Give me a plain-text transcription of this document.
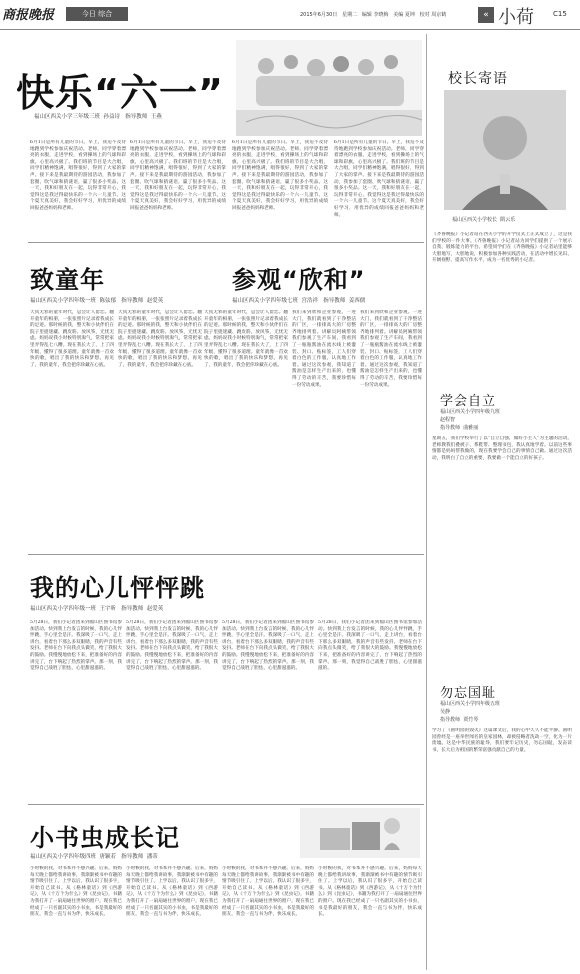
商报晚报	今日 综合	2015年6月30日 星期二 编辑 李晓梅 美编 夏坤 校对 周京鹤	« 小荷	C15
快乐“六一”
福山区西关小学三年级三班 孙益诗 指导教师 王燕
6月1日是所有儿童的节日。早上，我迫不及待地跑到学校参加庆祝活动。老师，同学穿着漂亮的衣服，走进学校，看到操场上的气球和彩旗，心里高兴极了。我们班的节目是大合唱，同学们精神饱满，唱得很好，得到了大家的掌声。接下来是我最期待的游园活动，我参加了套圈、吹气球和猜谜语，赢了很多小奖品。这一天，我和好朋友在一起，玩得非常开心，我觉得这是我过得最快乐的一个六一儿童节。这个夏天真美好，我会好好学习，用优异的成绩回报爸爸妈妈和老师。
6月1日是所有儿童的节日。早上，我迫不及待地跑到学校参加庆祝活动。老师，同学穿着漂亮的衣服，走进学校，看到操场上的气球和彩旗，心里高兴极了。我们班的节目是大合唱，同学们精神饱满，唱得很好，得到了大家的掌声。接下来是我最期待的游园活动，我参加了套圈、吹气球和猜谜语，赢了很多小奖品。这一天，我和好朋友在一起，玩得非常开心，我觉得这是我过得最快乐的一个六一儿童节。这个夏天真美好，我会好好学习，用优异的成绩回报爸爸妈妈和老师。
6月1日是所有儿童的节日。早上，我迫不及待地跑到学校参加庆祝活动。老师，同学穿着漂亮的衣服，走进学校，看到操场上的气球和彩旗，心里高兴极了。我们班的节目是大合唱，同学们精神饱满，唱得很好，得到了大家的掌声。接下来是我最期待的游园活动，我参加了套圈、吹气球和猜谜语，赢了很多小奖品。这一天，我和好朋友在一起，玩得非常开心，我觉得这是我过得最快乐的一个六一儿童节。这个夏天真美好，我会好好学习，用优异的成绩回报爸爸妈妈和老师。
6月1日是所有儿童的节日。早上，我迫不及待地跑到学校参加庆祝活动。老师，同学穿着漂亮的衣服，走进学校，看到操场上的气球和彩旗，心里高兴极了。我们班的节目是大合唱，同学们精神饱满，唱得很好，得到了大家的掌声。接下来是我最期待的游园活动，我参加了套圈、吹气球和猜谜语，赢了很多小奖品。这一天，我和好朋友在一起，玩得非常开心，我觉得这是我过得最快乐的一个六一儿童节。这个夏天真美好，我会好好学习，用优异的成绩回报爸爸妈妈和老师。
致童年
福山区西关小学四年级一班 陈弦郁 指导教师 赵爱英
天真无邪的童年时代，总会让人留恋。翻开童年的相册，一张张照片记录着我成长的足迹。那时候的我，整天和小伙伴们在院子里捉迷藏、跳皮筋、放风筝，无忧无虑。妈妈说我小时候特别淘气，常常把家里弄得乱七八糟。现在我长大了，上了四年级，懂得了很多道理。童年就像一首欢快的歌，唱出了我的快乐和梦想。再见了，我的童年，我会把你珍藏在心底。
天真无邪的童年时代，总会让人留恋。翻开童年的相册，一张张照片记录着我成长的足迹。那时候的我，整天和小伙伴们在院子里捉迷藏、跳皮筋、放风筝，无忧无虑。妈妈说我小时候特别淘气，常常把家里弄得乱七八糟。现在我长大了，上了四年级，懂得了很多道理。童年就像一首欢快的歌，唱出了我的快乐和梦想。再见了，我的童年，我会把你珍藏在心底。
天真无邪的童年时代，总会让人留恋。翻开童年的相册，一张张照片记录着我成长的足迹。那时候的我，整天和小伙伴们在院子里捉迷藏、跳皮筋、放风筝，无忧无虑。妈妈说我小时候特别淘气，常常把家里弄得乱七八糟。现在我长大了，上了四年级，懂得了很多道理。童年就像一首欢快的歌，唱出了我的快乐和梦想。再见了，我的童年，我会把你珍藏在心底。
参观“欣和”
福山区西关小学四年级七班 宫浩祥 指导教师 姜西儒
我们来到欣和企业参观。一进大门，我们就看到了干净整洁的厂区，一排排高大的厂房整齐地排列着。讲解员阿姨带领我们参观了生产车间，我看到了一瓶瓶酱油在流水线上被灌装、封口、贴标签，工人们穿着白色的工作服，认真地工作着。通过这次参观，我知道了酱油是怎样生产出来的，也懂得了劳动的辛苦，我要珍惜每一份劳动成果。
我们来到欣和企业参观。一进大门，我们就看到了干净整洁的厂区，一排排高大的厂房整齐地排列着。讲解员阿姨带领我们参观了生产车间，我看到了一瓶瓶酱油在流水线上被灌装、封口、贴标签，工人们穿着白色的工作服，认真地工作着。通过这次参观，我知道了酱油是怎样生产出来的，也懂得了劳动的辛苦，我要珍惜每一份劳动成果。
我的心儿怦怦跳
福山区西关小学四年级一班 王宇昕 指导教师 赵爱英
5月28日，我们小记者团来到福山区图书馆参加活动。快到我上台发言的时候，我的心儿怦怦跳，手心里全是汗。我深吸了一口气，走上讲台，看着台下那么多双眼睛，我的声音有些发抖。老师在台下向我点头微笑，给了我很大的鼓励。我慢慢地放松下来，把准备好的内容讲完了，台下响起了热烈的掌声。那一刻，我觉得自己战胜了胆怯，心里甜滋滋的。
5月28日，我们小记者团来到福山区图书馆参加活动。快到我上台发言的时候，我的心儿怦怦跳，手心里全是汗。我深吸了一口气，走上讲台，看着台下那么多双眼睛，我的声音有些发抖。老师在台下向我点头微笑，给了我很大的鼓励。我慢慢地放松下来，把准备好的内容讲完了，台下响起了热烈的掌声。那一刻，我觉得自己战胜了胆怯，心里甜滋滋的。
5月28日，我们小记者团来到福山区图书馆参加活动。快到我上台发言的时候，我的心儿怦怦跳，手心里全是汗。我深吸了一口气，走上讲台，看着台下那么多双眼睛，我的声音有些发抖。老师在台下向我点头微笑，给了我很大的鼓励。我慢慢地放松下来，把准备好的内容讲完了，台下响起了热烈的掌声。那一刻，我觉得自己战胜了胆怯，心里甜滋滋的。
5月28日，我们小记者团来到福山区图书馆参加活动。快到我上台发言的时候，我的心儿怦怦跳，手心里全是汗。我深吸了一口气，走上讲台，看着台下那么多双眼睛，我的声音有些发抖。老师在台下向我点头微笑，给了我很大的鼓励。我慢慢地放松下来，把准备好的内容讲完了，台下响起了热烈的掌声。那一刻，我觉得自己战胜了胆怯，心里甜滋滋的。
小书虫成长记
福山区西关小学四年级四班 唐颖若 指导教师 潘蒂
小时候的我，对书本并不感兴趣。后来，妈妈每天晚上都给我讲故事，我渐渐被书中有趣的情节吸引住了。上学以后，我认识了很多字，开始自己读书。从《格林童话》到《西游记》，从《十万个为什么》到《昆虫记》，书籍为我打开了一扇扇通往世界的窗户。现在我已经成了一只名副其实的小书虫，书是我最好的朋友，我会一直与书为伴，快乐成长。
小时候的我，对书本并不感兴趣。后来，妈妈每天晚上都给我讲故事，我渐渐被书中有趣的情节吸引住了。上学以后，我认识了很多字，开始自己读书。从《格林童话》到《西游记》，从《十万个为什么》到《昆虫记》，书籍为我打开了一扇扇通往世界的窗户。现在我已经成了一只名副其实的小书虫，书是我最好的朋友，我会一直与书为伴，快乐成长。
小时候的我，对书本并不感兴趣。后来，妈妈每天晚上都给我讲故事，我渐渐被书中有趣的情节吸引住了。上学以后，我认识了很多字，开始自己读书。从《格林童话》到《西游记》，从《十万个为什么》到《昆虫记》，书籍为我打开了一扇扇通往世界的窗户。现在我已经成了一只名副其实的小书虫，书是我最好的朋友，我会一直与书为伴，快乐成长。
小时候的我，对书本并不感兴趣。后来，妈妈每天晚上都给我讲故事，我渐渐被书中有趣的情节吸引住了。上学以后，我认识了很多字，开始自己读书。从《格林童话》到《西游记》，从《十万个为什么》到《昆虫记》，书籍为我打开了一扇扇通往世界的窗户。现在我已经成了一只名副其实的小书虫，书是我最好的朋友，我会一直与书为伴，快乐成长。
校长寄语
福山区西关小学校长 隋云乐
《齐鲁晚报》小记者站在西关小学的开学仪式上正式成立了，这是我们学校的一件大事。《齐鲁晚报》小记者站为同学们提供了一个展示自我、锻炼能力的平台。希望同学们在《齐鲁晚报》小记者站里能够大胆地写、大胆地说，积极参加各种实践活动，在活动中增长见识、开阔视野、提高写作水平，成为一名优秀的小记者。
学会自立
福山区西关小学四年级九班
赵程智
指导教师 曲雅丽
星期五，我们学校举行了以“自立自强，做好小主人”为主题的活动。老师教我们叠被子、系鞋带、整理书包，我认真地学着。以前这些事情都是妈妈帮我做的，现在我要学会自己的事情自己做。通过这次活动，我明白了自立的重要，我要做一个能自立的好孩子。
勿忘国耻
福山区西关小学四年级五班
吴静
指导教师 贾竹琴
学习了《圆明园的毁灭》这篇课文后，我的心中久久不能平静。圆明园曾经是一座举世闻名的皇家园林，却被侵略者洗劫一空，化为一片废墟。这是中华民族的耻辱，我们要牢记历史，勿忘国耻，发奋读书，长大后为祖国的繁荣富强贡献自己的力量。
